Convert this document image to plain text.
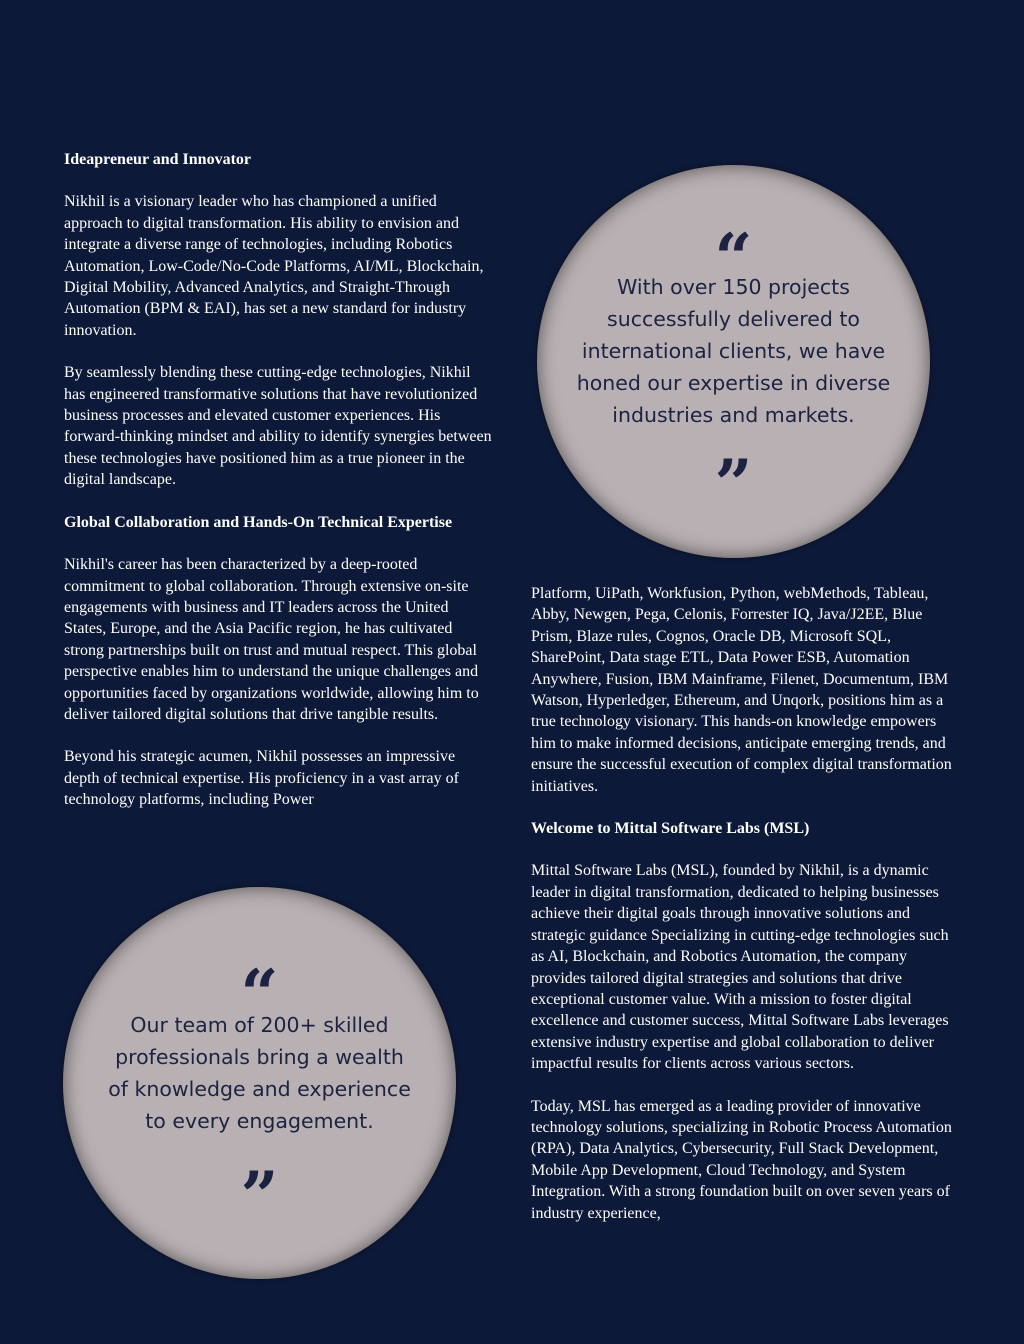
Ideapreneur and Innovator

Nikhil is a visionary leader who has championed a unified approach to digital transformation. His ability to envision and integrate a diverse range of technologies, including Robotics Automation, Low-Code/No-Code Platforms, AI/ML, Blockchain, Digital Mobility, Advanced Analytics, and Straight-Through Automation (BPM & EAI), has set a new standard for industry innovation.

By seamlessly blending these cutting-edge technologies, Nikhil has engineered transformative solutions that have revolutionized business processes and elevated customer experiences. His forward-thinking mindset and ability to identify synergies between these technologies have positioned him as a true pioneer in the digital landscape.

Global Collaboration and Hands-On Technical Expertise

Nikhil's career has been characterized by a deep-rooted commitment to global collaboration. Through extensive on-site engagements with business and IT leaders across the United States, Europe, and the Asia Pacific region, he has cultivated strong partnerships built on trust and mutual respect. This global perspective enables him to understand the unique challenges and opportunities faced by organizations worldwide, allowing him to deliver tailored digital solutions that drive tangible results.

Beyond his strategic acumen, Nikhil possesses an impressive depth of technical expertise. His proficiency in a vast array of technology platforms, including Power

“
With over 150 projects successfully delivered to international clients, we have honed our expertise in diverse industries and markets.
”

Platform, UiPath, Workfusion, Python, webMethods, Tableau, Abby, Newgen, Pega, Celonis, Forrester IQ, Java/J2EE, Blue Prism, Blaze rules, Cognos, Oracle DB, Microsoft SQL, SharePoint, Data stage ETL, Data Power ESB, Automation Anywhere, Fusion, IBM Mainframe, Filenet, Documentum, IBM Watson, Hyperledger, Ethereum, and Unqork, positions him as a true technology visionary. This hands-on knowledge empowers him to make informed decisions, anticipate emerging trends, and ensure the successful execution of complex digital transformation initiatives.

Welcome to Mittal Software Labs (MSL)

Mittal Software Labs (MSL), founded by Nikhil, is a dynamic leader in digital transformation, dedicated to helping businesses achieve their digital goals through innovative solutions and strategic guidance Specializing in cutting-edge technologies such as AI, Blockchain, and Robotics Automation, the company provides tailored digital strategies and solutions that drive exceptional customer value. With a mission to foster digital excellence and customer success, Mittal Software Labs leverages extensive industry expertise and global collaboration to deliver impactful results for clients across various sectors.

Today, MSL has emerged as a leading provider of innovative technology solutions, specializing in Robotic Process Automation (RPA), Data Analytics, Cybersecurity, Full Stack Development, Mobile App Development, Cloud Technology, and System Integration. With a strong foundation built on over seven years of industry experience,

“
Our team of 200+ skilled professionals bring a wealth of knowledge and experience to every engagement.
”
